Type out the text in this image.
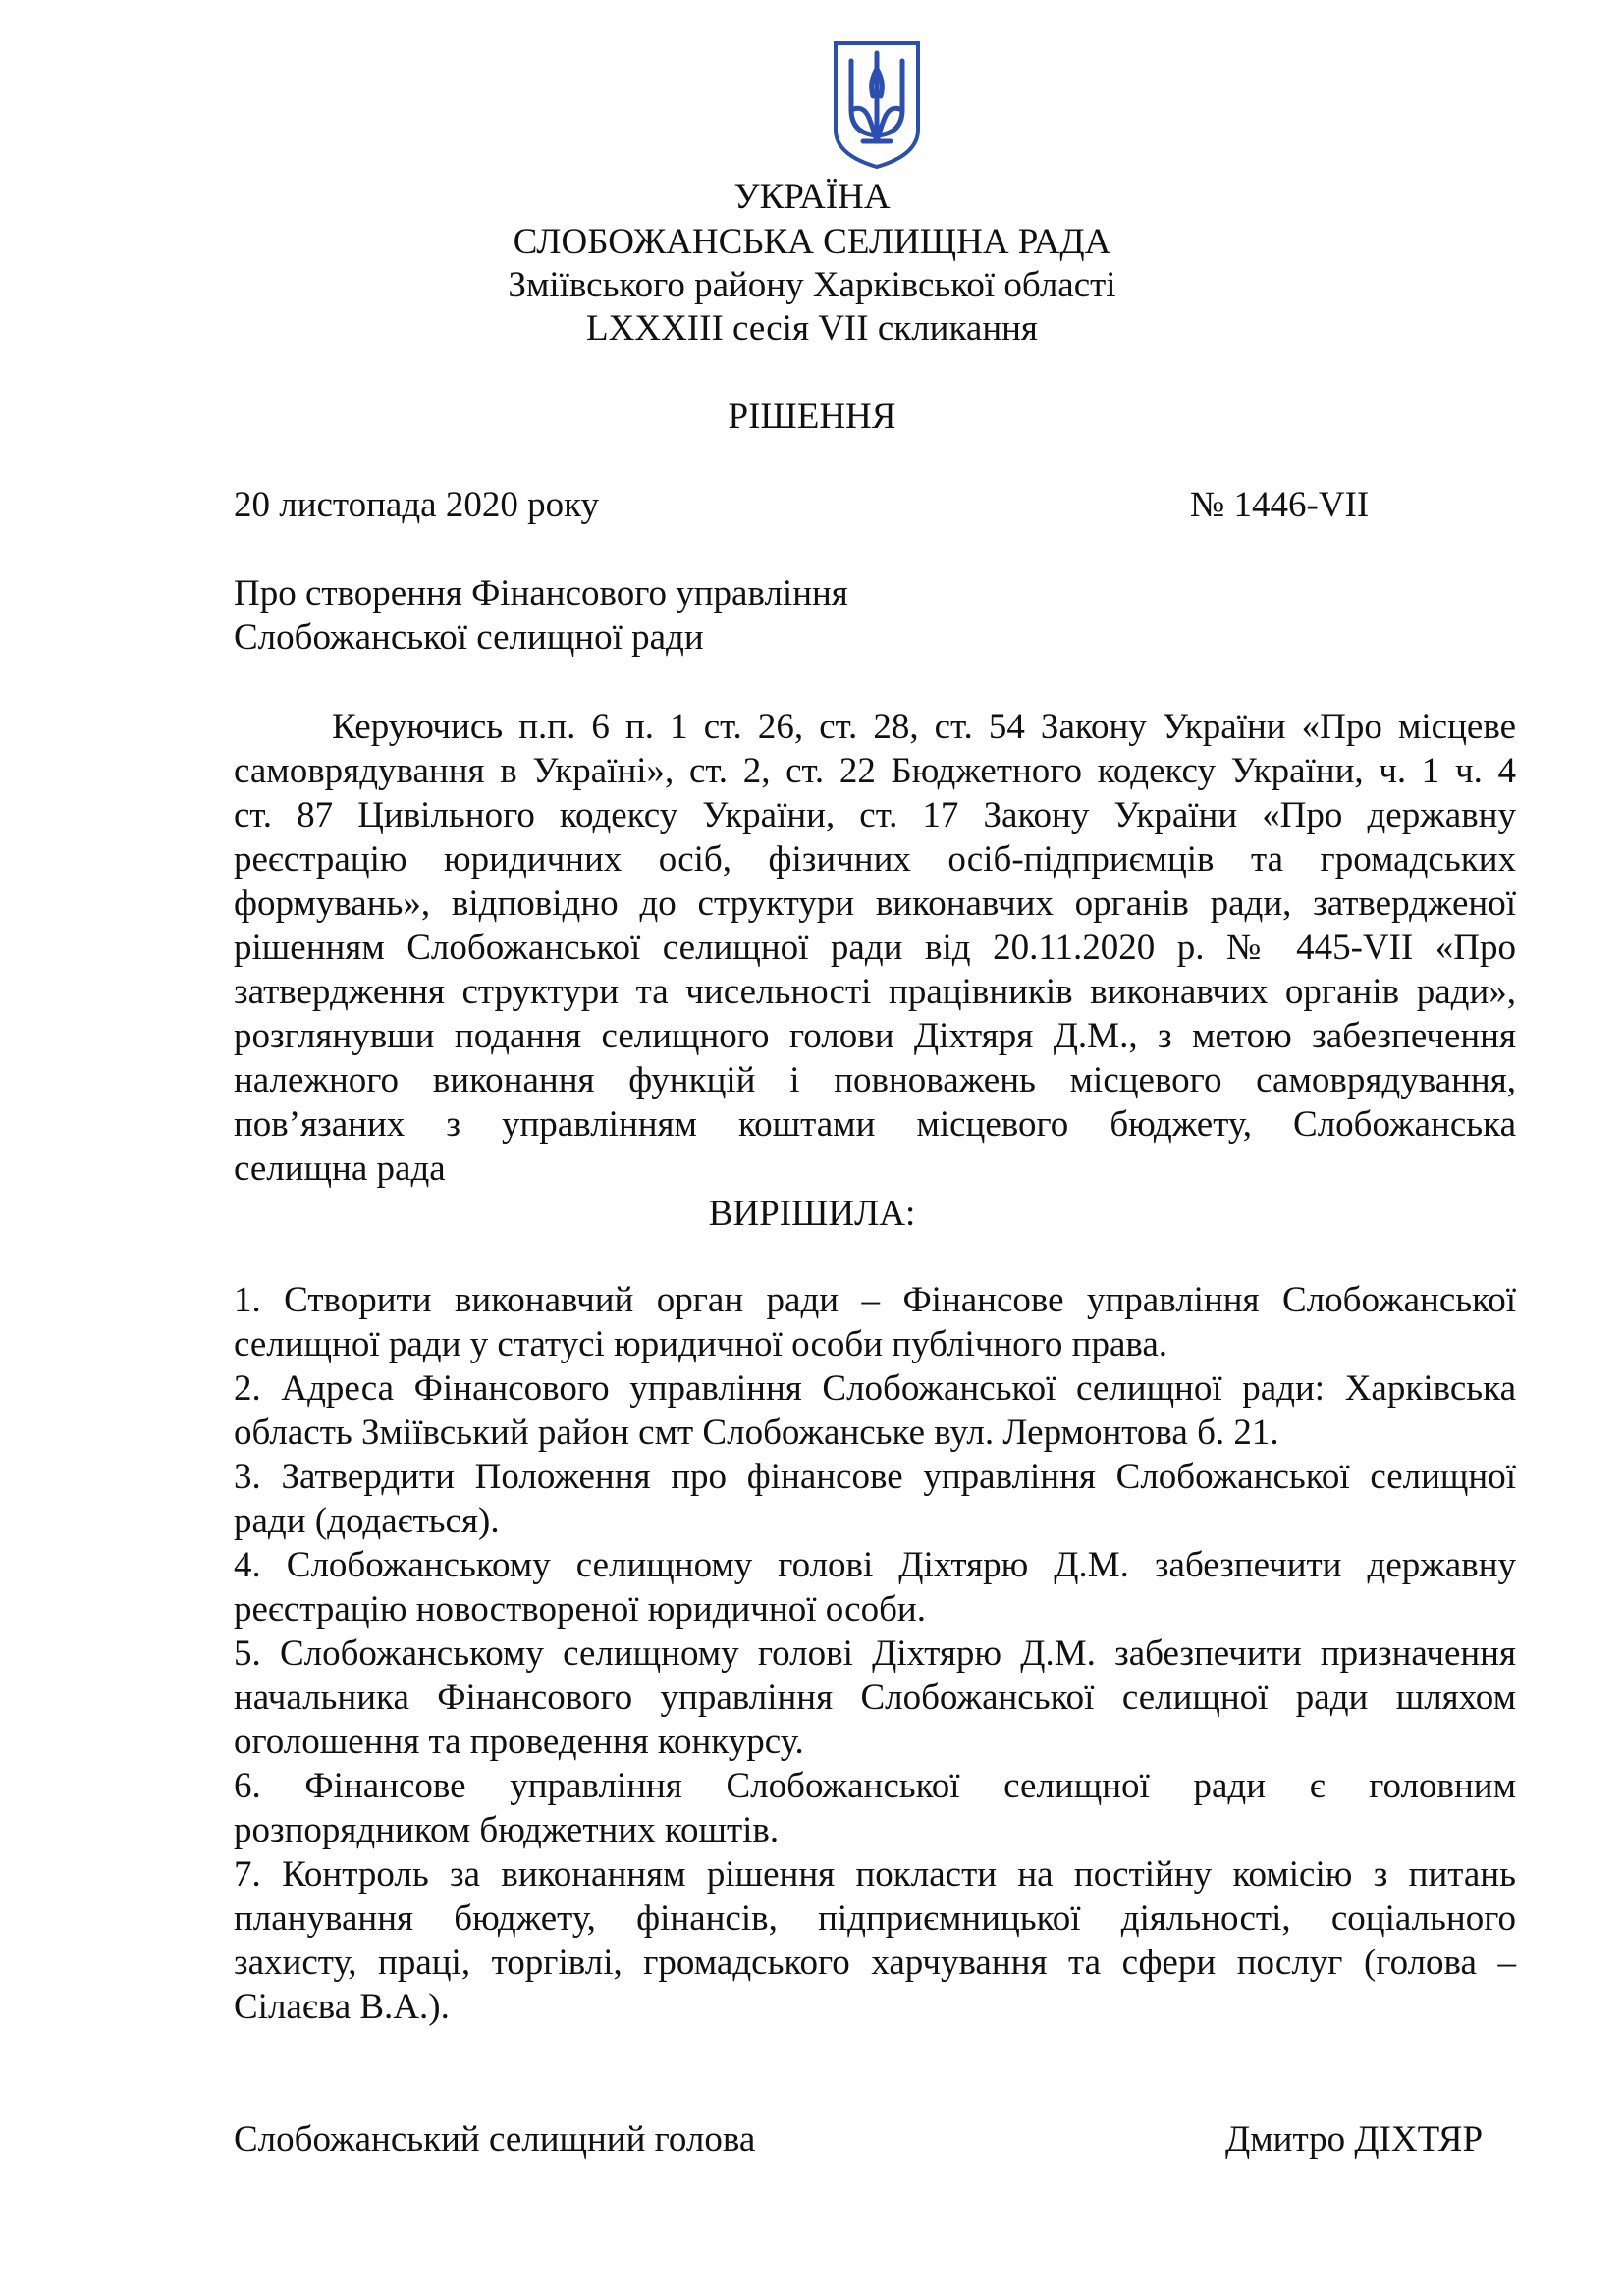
УКРАЇНА
СЛОБОЖАНСЬКА СЕЛИЩНА РАДА
Зміївського району Харківської області
LXXXIII сесія VII скликання
РІШЕННЯ
20 листопада 2020 року	№ 1446-VII
Про створення Фінансового управління
Слобожанської селищної ради
Керуючись п.п. 6 п. 1 ст. 26, ст. 28, ст. 54 Закону України «Про місцеве
самоврядування в Україні», ст. 2, ст. 22 Бюджетного кодексу України, ч. 1 ч. 4
ст. 87 Цивільного кодексу України, ст. 17 Закону України «Про державну
реєстрацію юридичних осіб, фізичних осіб-підприємців та громадських
формувань», відповідно до структури виконавчих органів ради, затвердженої
рішенням Слобожанської селищної ради від 20.11.2020 р. № 445-VII «Про
затвердження структури та чисельності працівників виконавчих органів ради»,
розглянувши подання селищного голови Діхтяря Д.М., з метою забезпечення
належного виконання функцій і повноважень місцевого самоврядування,
пов’язаних з управлінням коштами місцевого бюджету, Слобожанська
селищна рада
ВИРІШИЛА:
1. Створити виконавчий орган ради – Фінансове управління Слобожанської
селищної ради у статусі юридичної особи публічного права.
2. Адреса Фінансового управління Слобожанської селищної ради: Харківська
область Зміївський район смт Слобожанське вул. Лермонтова б. 21.
3. Затвердити Положення про фінансове управління Слобожанської селищної
ради (додається).
4. Слобожанському селищному голові Діхтярю Д.М. забезпечити державну
реєстрацію новоствореної юридичної особи.
5. Слобожанському селищному голові Діхтярю Д.М. забезпечити призначення
начальника Фінансового управління Слобожанської селищної ради шляхом
оголошення та проведення конкурсу.
6. Фінансове управління Слобожанської селищної ради є головним
розпорядником бюджетних коштів.
7. Контроль за виконанням рішення покласти на постійну комісію з питань
планування бюджету, фінансів, підприємницької діяльності, соціального
захисту, праці, торгівлі, громадського харчування та сфери послуг (голова –
Сілаєва В.А.).
Слобожанський селищний голова	Дмитро ДІХТЯР
